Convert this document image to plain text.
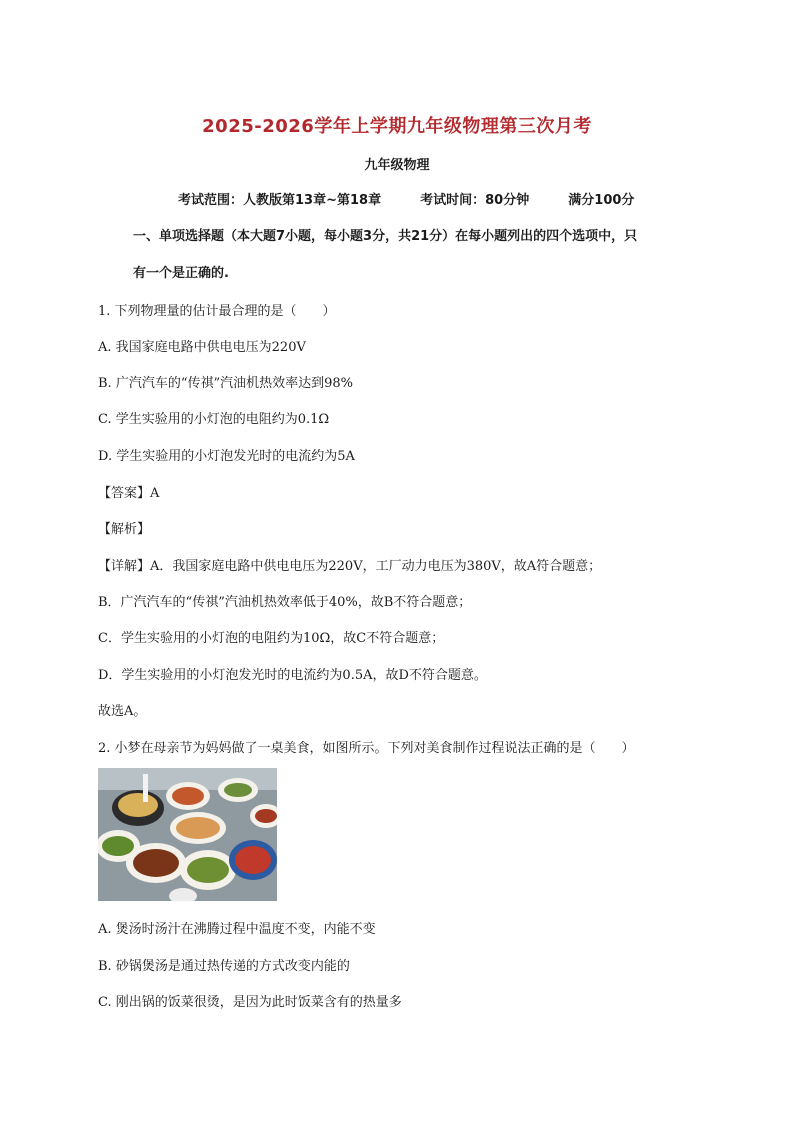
2025-2026学年上学期九年级物理第三次月考
九年级物理
考试范围：人教版第13章~第18章	考试时间：80分钟	满分100分
一、单项选择题（本大题7小题，每小题3分，共21分）在每小题列出的四个选项中，只
有一个是正确的.
1. 下列物理量的估计最合理的是（　　）
A. 我国家庭电路中供电电压为220V
B. 广汽汽车的“传祺”汽油机热效率达到98%
C. 学生实验用的小灯泡的电阻约为0.1Ω
D. 学生实验用的小灯泡发光时的电流约为5A
【答案】A
【解析】
【详解】A．我国家庭电路中供电电压为220V，工厂动力电压为380V，故A符合题意；
B．广汽汽车的“传祺”汽油机热效率低于40%，故B不符合题意；
C．学生实验用的小灯泡的电阻约为10Ω，故C不符合题意；
D．学生实验用的小灯泡发光时的电流约为0.5A，故D不符合题意。
故选A。
2. 小梦在母亲节为妈妈做了一桌美食，如图所示。下列对美食制作过程说法正确的是（　　）
A. 煲汤时汤汁在沸腾过程中温度不变，内能不变
B. 砂锅煲汤是通过热传递的方式改变内能的
C. 刚出锅的饭菜很烫，是因为此时饭菜含有的热量多
